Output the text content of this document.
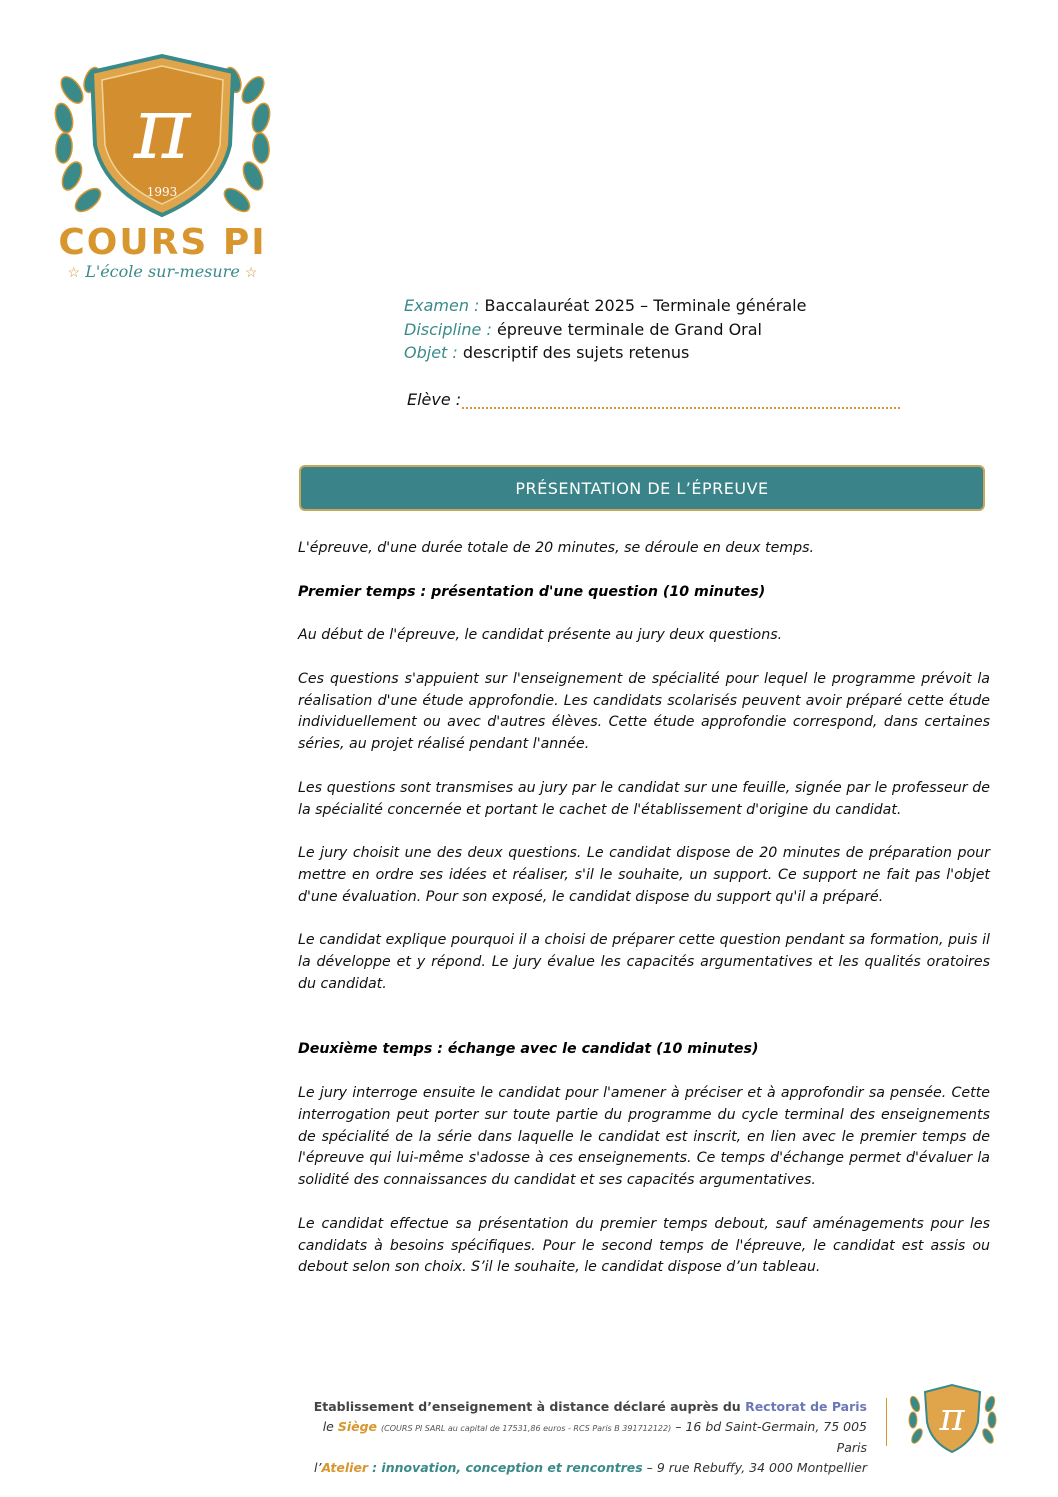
π
1993
COURS PI
☆ L'école sur-mesure ☆
Examen : Baccalauréat 2025 – Terminale générale
Discipline : épreuve terminale de Grand Oral
Objet : descriptif des sujets retenus
Elève :
PRÉSENTATION DE L’ÉPREUVE

L'épreuve, d'une durée totale de 20 minutes, se déroule en deux temps.

Premier temps : présentation d'une question (10 minutes)

Au début de l'épreuve, le candidat présente au jury deux questions.

Ces questions s'appuient sur l'enseignement de spécialité pour lequel le programme prévoit la réalisation d'une étude approfondie. Les candidats scolarisés peuvent avoir préparé cette étude individuellement ou avec d'autres élèves. Cette étude approfondie correspond, dans certaines séries, au projet réalisé pendant l'année.

Les questions sont transmises au jury par le candidat sur une feuille, signée par le professeur de la spécialité concernée et portant le cachet de l'établissement d'origine du candidat.

Le jury choisit une des deux questions. Le candidat dispose de 20 minutes de préparation pour mettre en ordre ses idées et réaliser, s'il le souhaite, un support. Ce support ne fait pas l'objet d'une évaluation. Pour son exposé, le candidat dispose du support qu'il a préparé.

Le candidat explique pourquoi il a choisi de préparer cette question pendant sa formation, puis il la développe et y répond. Le jury évalue les capacités argumentatives et les qualités oratoires du candidat.

Deuxième temps : échange avec le candidat (10 minutes)

Le jury interroge ensuite le candidat pour l'amener à préciser et à approfondir sa pensée. Cette interrogation peut porter sur toute partie du programme du cycle terminal des enseignements de spécialité de la série dans laquelle le candidat est inscrit, en lien avec le premier temps de l'épreuve qui lui-même s'adosse à ces enseignements. Ce temps d'échange permet d'évaluer la solidité des connaissances du candidat et ses capacités argumentatives.

Le candidat effectue sa présentation du premier temps debout, sauf aménagements pour les candidats à besoins spécifiques. Pour le second temps de l'épreuve, le candidat est assis ou debout selon son choix. S’il le souhaite, le candidat dispose d’un tableau.

Etablissement d’enseignement à distance déclaré auprès du Rectorat de Paris
le Siège (COURS PI SARL au capital de 17531,86 euros - RCS Paris B 391712122) – 16 bd Saint-Germain, 75 005 Paris
l’Atelier : innovation, conception et rencontres – 9 rue Rebuffy, 34 000 Montpellier
π
